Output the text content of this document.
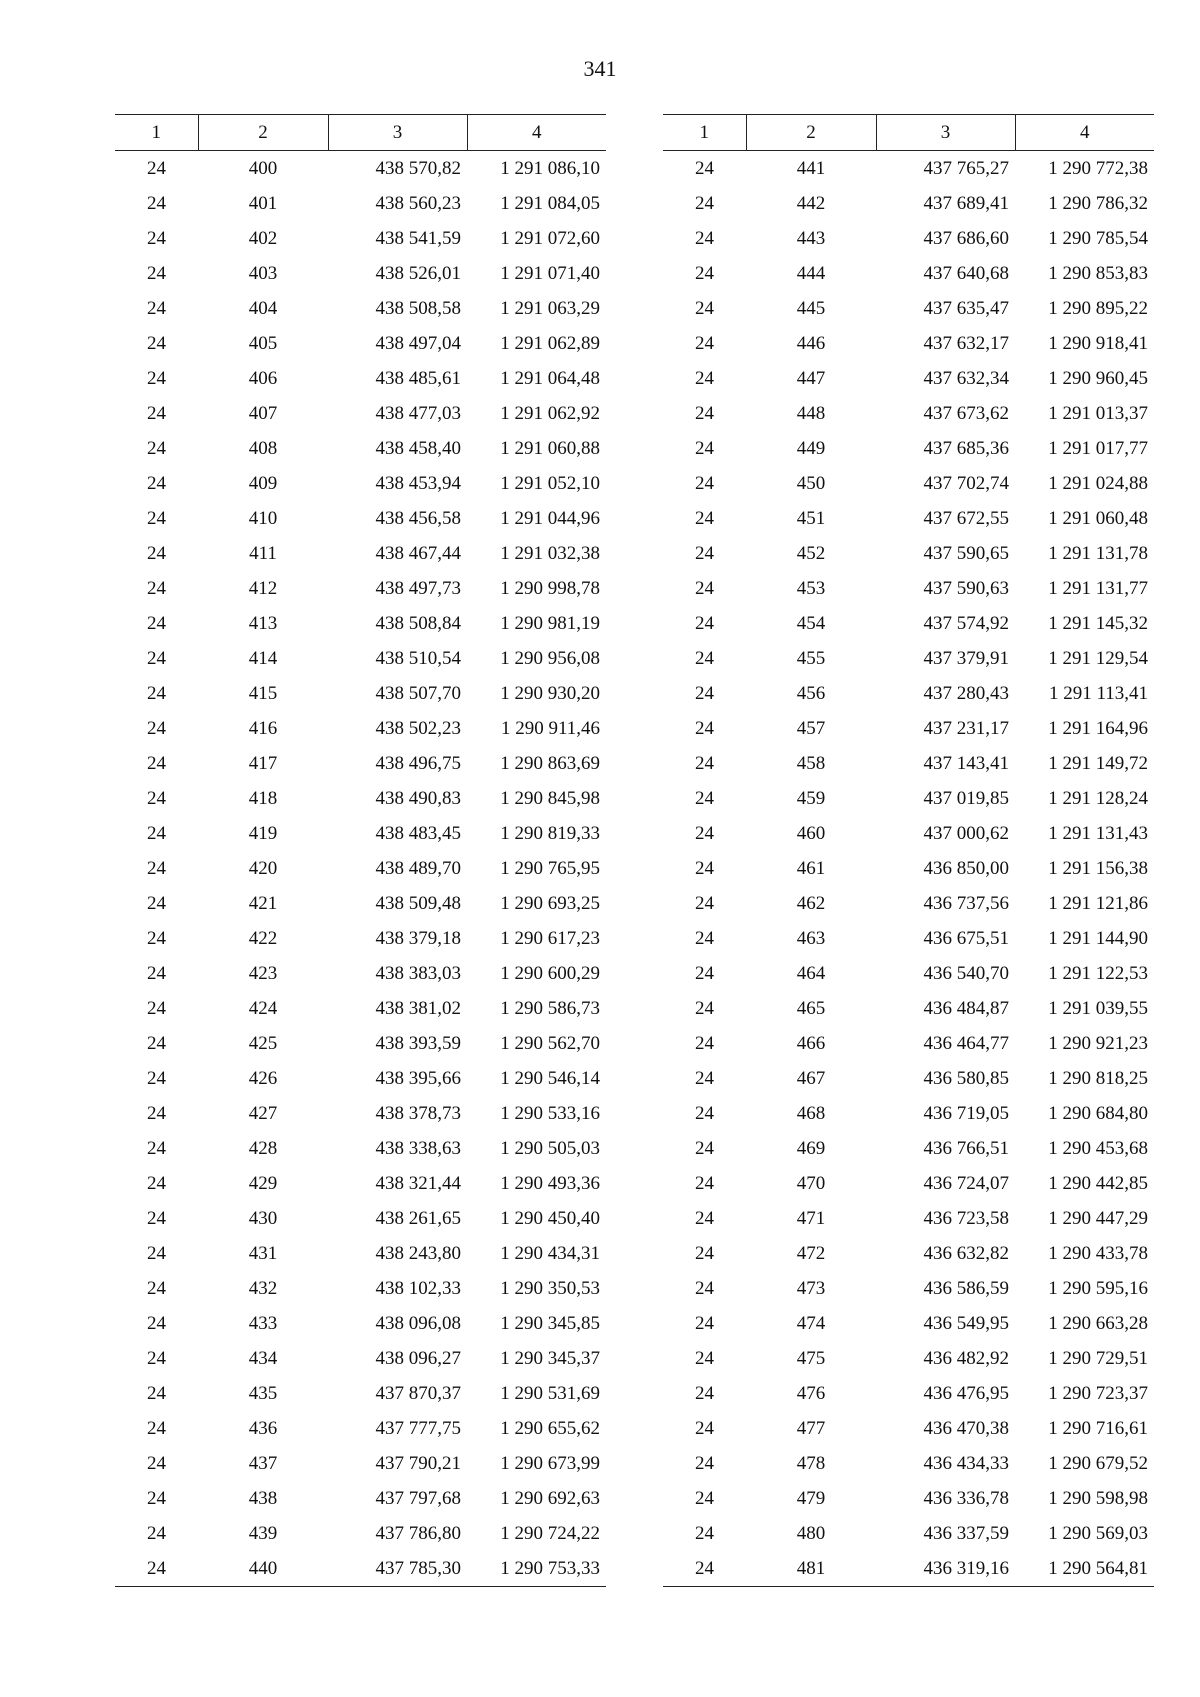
341
1	2	3	4
24	400	438 570,82	1 291 086,10
24	401	438 560,23	1 291 084,05
24	402	438 541,59	1 291 072,60
24	403	438 526,01	1 291 071,40
24	404	438 508,58	1 291 063,29
24	405	438 497,04	1 291 062,89
24	406	438 485,61	1 291 064,48
24	407	438 477,03	1 291 062,92
24	408	438 458,40	1 291 060,88
24	409	438 453,94	1 291 052,10
24	410	438 456,58	1 291 044,96
24	411	438 467,44	1 291 032,38
24	412	438 497,73	1 290 998,78
24	413	438 508,84	1 290 981,19
24	414	438 510,54	1 290 956,08
24	415	438 507,70	1 290 930,20
24	416	438 502,23	1 290 911,46
24	417	438 496,75	1 290 863,69
24	418	438 490,83	1 290 845,98
24	419	438 483,45	1 290 819,33
24	420	438 489,70	1 290 765,95
24	421	438 509,48	1 290 693,25
24	422	438 379,18	1 290 617,23
24	423	438 383,03	1 290 600,29
24	424	438 381,02	1 290 586,73
24	425	438 393,59	1 290 562,70
24	426	438 395,66	1 290 546,14
24	427	438 378,73	1 290 533,16
24	428	438 338,63	1 290 505,03
24	429	438 321,44	1 290 493,36
24	430	438 261,65	1 290 450,40
24	431	438 243,80	1 290 434,31
24	432	438 102,33	1 290 350,53
24	433	438 096,08	1 290 345,85
24	434	438 096,27	1 290 345,37
24	435	437 870,37	1 290 531,69
24	436	437 777,75	1 290 655,62
24	437	437 790,21	1 290 673,99
24	438	437 797,68	1 290 692,63
24	439	437 786,80	1 290 724,22
24	440	437 785,30	1 290 753,33
1	2	3	4
24	441	437 765,27	1 290 772,38
24	442	437 689,41	1 290 786,32
24	443	437 686,60	1 290 785,54
24	444	437 640,68	1 290 853,83
24	445	437 635,47	1 290 895,22
24	446	437 632,17	1 290 918,41
24	447	437 632,34	1 290 960,45
24	448	437 673,62	1 291 013,37
24	449	437 685,36	1 291 017,77
24	450	437 702,74	1 291 024,88
24	451	437 672,55	1 291 060,48
24	452	437 590,65	1 291 131,78
24	453	437 590,63	1 291 131,77
24	454	437 574,92	1 291 145,32
24	455	437 379,91	1 291 129,54
24	456	437 280,43	1 291 113,41
24	457	437 231,17	1 291 164,96
24	458	437 143,41	1 291 149,72
24	459	437 019,85	1 291 128,24
24	460	437 000,62	1 291 131,43
24	461	436 850,00	1 291 156,38
24	462	436 737,56	1 291 121,86
24	463	436 675,51	1 291 144,90
24	464	436 540,70	1 291 122,53
24	465	436 484,87	1 291 039,55
24	466	436 464,77	1 290 921,23
24	467	436 580,85	1 290 818,25
24	468	436 719,05	1 290 684,80
24	469	436 766,51	1 290 453,68
24	470	436 724,07	1 290 442,85
24	471	436 723,58	1 290 447,29
24	472	436 632,82	1 290 433,78
24	473	436 586,59	1 290 595,16
24	474	436 549,95	1 290 663,28
24	475	436 482,92	1 290 729,51
24	476	436 476,95	1 290 723,37
24	477	436 470,38	1 290 716,61
24	478	436 434,33	1 290 679,52
24	479	436 336,78	1 290 598,98
24	480	436 337,59	1 290 569,03
24	481	436 319,16	1 290 564,81
